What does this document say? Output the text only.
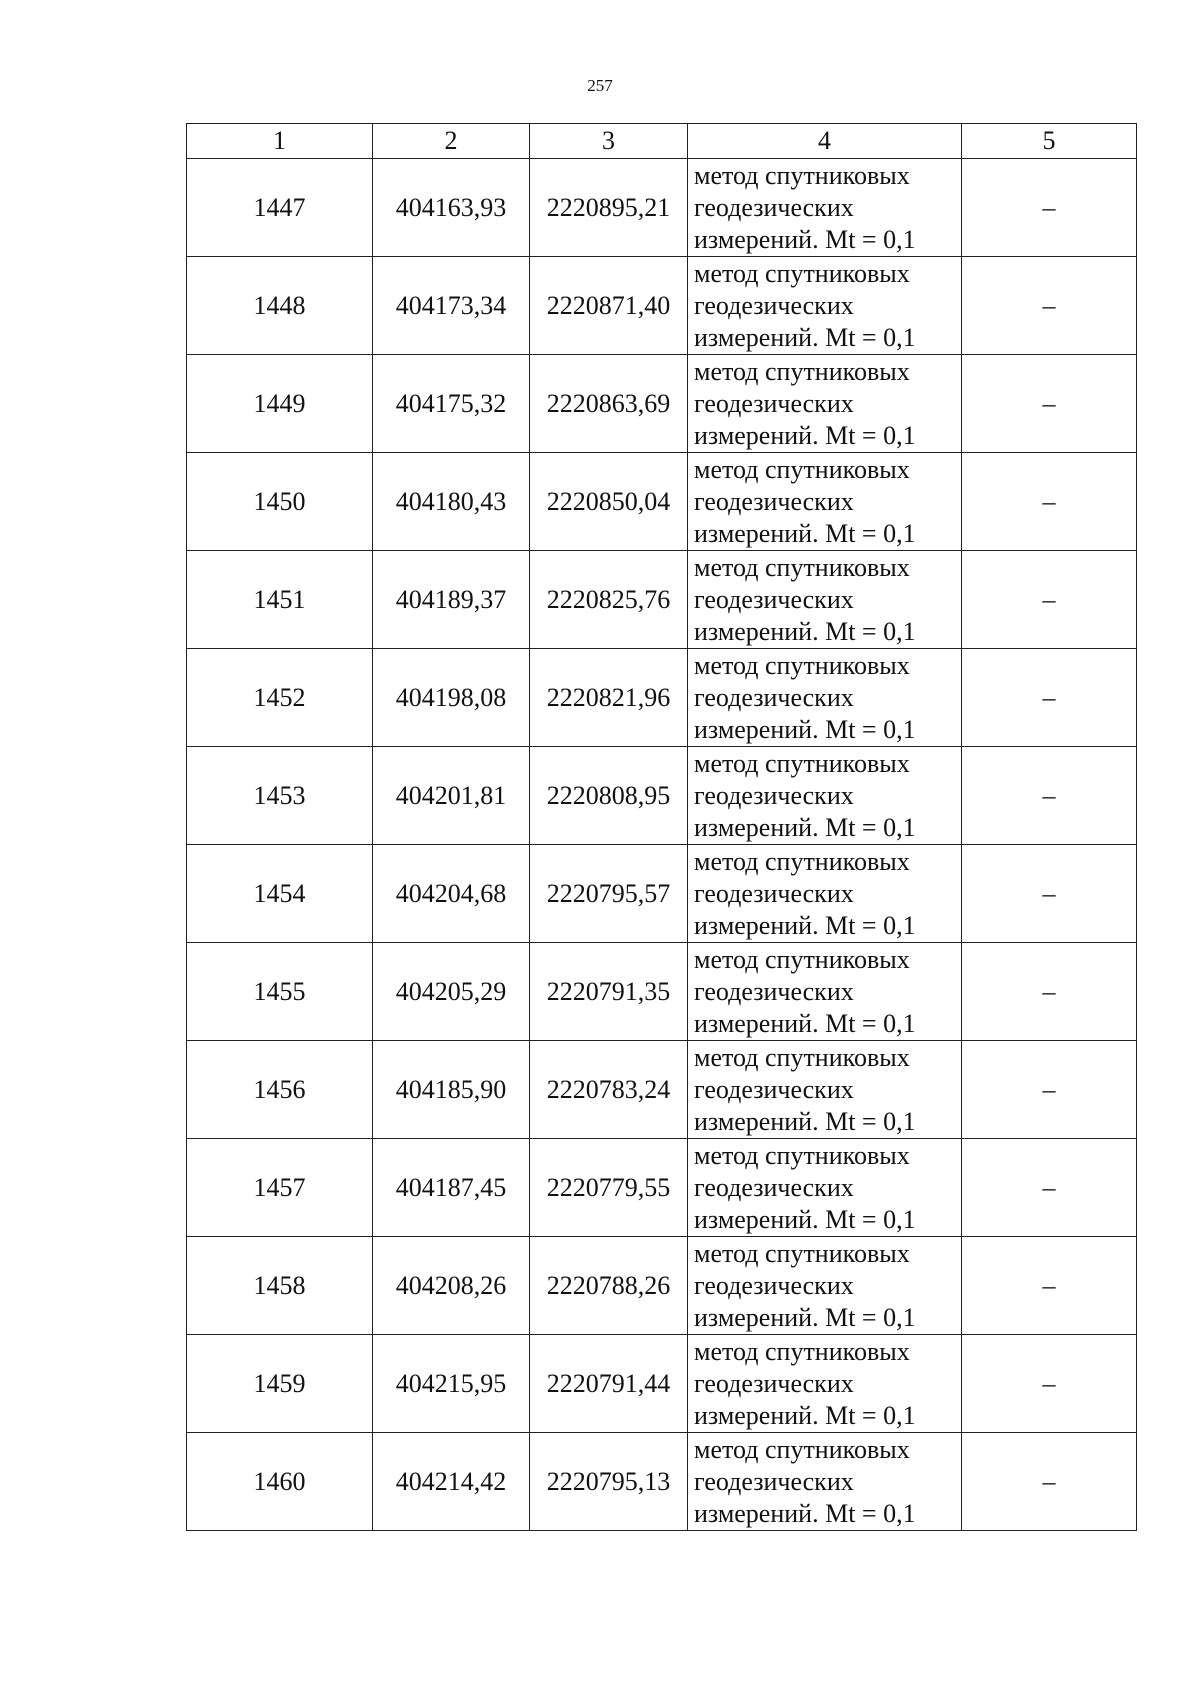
257
1	2	3	4	5
1447	404163,93	2220895,21	метод спутниковых
геодезических
измерений. Mt = 0,1	–
1448	404173,34	2220871,40	метод спутниковых
геодезических
измерений. Mt = 0,1	–
1449	404175,32	2220863,69	метод спутниковых
геодезических
измерений. Mt = 0,1	–
1450	404180,43	2220850,04	метод спутниковых
геодезических
измерений. Mt = 0,1	–
1451	404189,37	2220825,76	метод спутниковых
геодезических
измерений. Mt = 0,1	–
1452	404198,08	2220821,96	метод спутниковых
геодезических
измерений. Mt = 0,1	–
1453	404201,81	2220808,95	метод спутниковых
геодезических
измерений. Mt = 0,1	–
1454	404204,68	2220795,57	метод спутниковых
геодезических
измерений. Mt = 0,1	–
1455	404205,29	2220791,35	метод спутниковых
геодезических
измерений. Mt = 0,1	–
1456	404185,90	2220783,24	метод спутниковых
геодезических
измерений. Mt = 0,1	–
1457	404187,45	2220779,55	метод спутниковых
геодезических
измерений. Mt = 0,1	–
1458	404208,26	2220788,26	метод спутниковых
геодезических
измерений. Mt = 0,1	–
1459	404215,95	2220791,44	метод спутниковых
геодезических
измерений. Mt = 0,1	–
1460	404214,42	2220795,13	метод спутниковых
геодезических
измерений. Mt = 0,1	–
